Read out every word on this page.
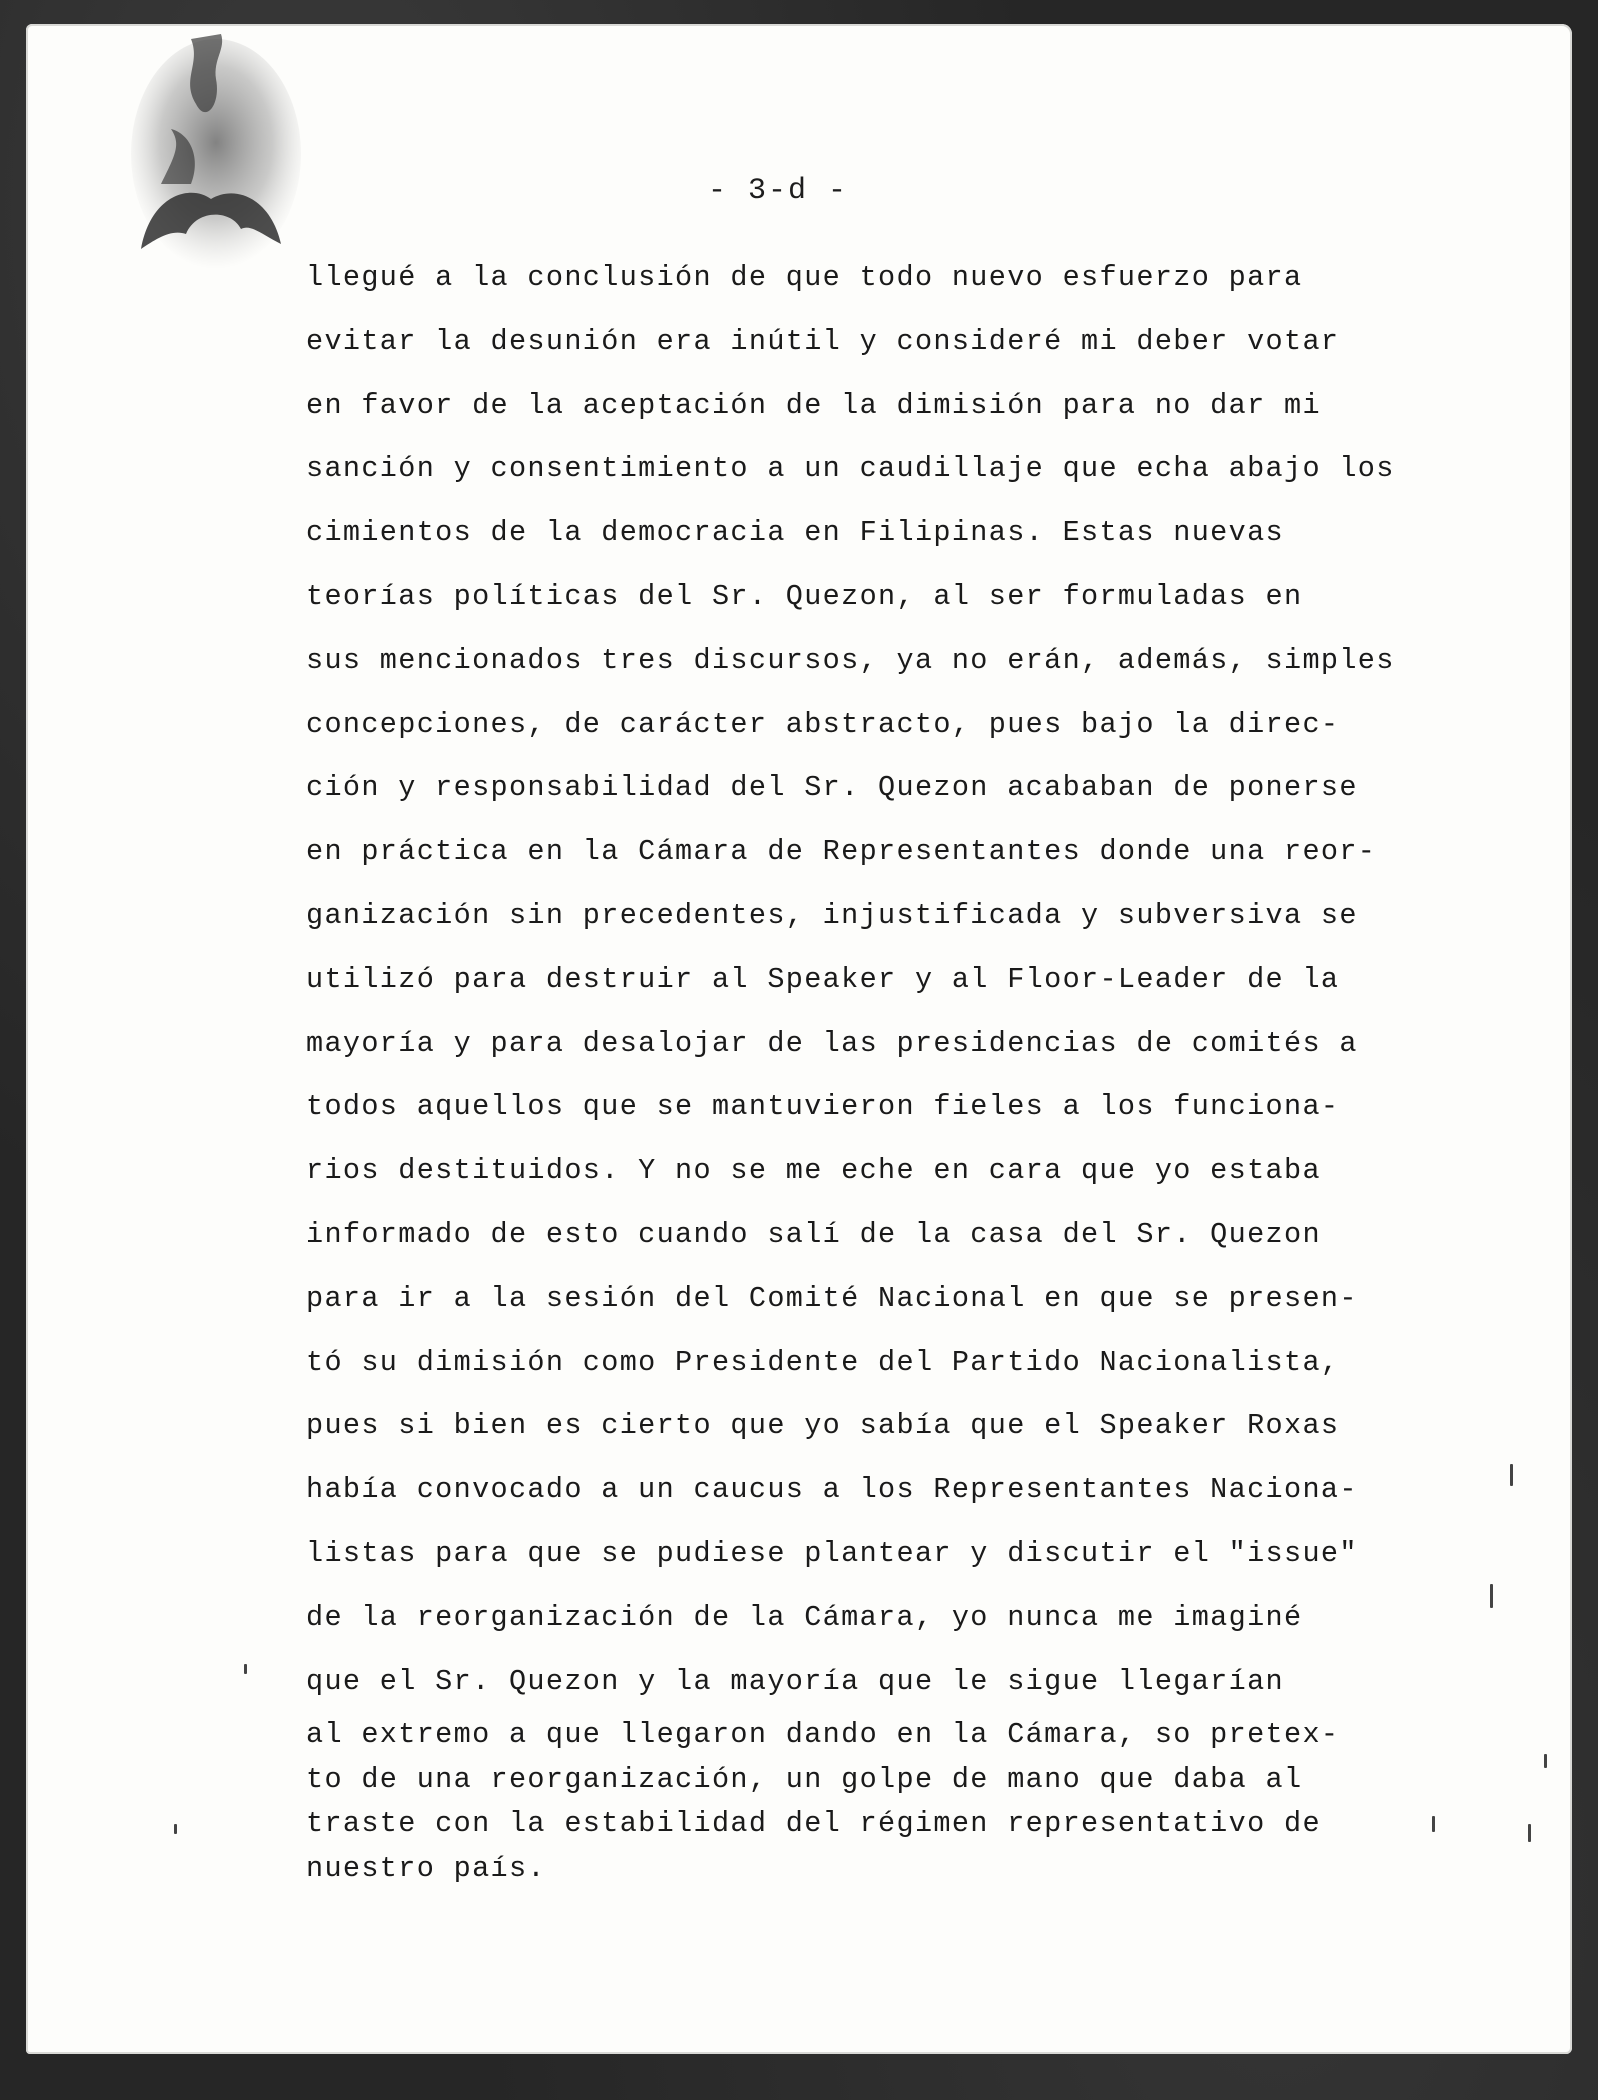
- 3-d -
llegué a la conclusión de que todo nuevo esfuerzo para
evitar la desunión era inútil y consideré mi deber votar
en favor de la aceptación de la dimisión para no dar mi
sanción y consentimiento a un caudillaje que echa abajo los
cimientos de la democracia en Filipinas. Estas nuevas
teorías políticas del Sr. Quezon, al ser formuladas en
sus mencionados tres discursos, ya no erán, además, simples
concepciones, de carácter abstracto, pues bajo la direc-
ción y responsabilidad del Sr. Quezon acababan de ponerse
en práctica en la Cámara de Representantes donde una reor-
ganización sin precedentes, injustificada y subversiva se
utilizó para destruir al Speaker y al Floor-Leader de la
mayoría y para desalojar de las presidencias de comités a
todos aquellos que se mantuvieron fieles a los funciona-
rios destituidos. Y no se me eche en cara que yo estaba
informado de esto cuando salí de la casa del Sr. Quezon
para ir a la sesión del Comité Nacional en que se presen-
tó su dimisión como Presidente del Partido Nacionalista,
pues si bien es cierto que yo sabía que el Speaker Roxas
había convocado a un caucus a los Representantes Naciona-
listas para que se pudiese plantear y discutir el "issue"
de la reorganización de la Cámara, yo nunca me imaginé
que el Sr. Quezon y la mayoría que le sigue llegarían
al extremo a que llegaron dando en la Cámara, so pretex-
to de una reorganización, un golpe de mano que daba al
traste con la estabilidad del régimen representativo de
nuestro país.
